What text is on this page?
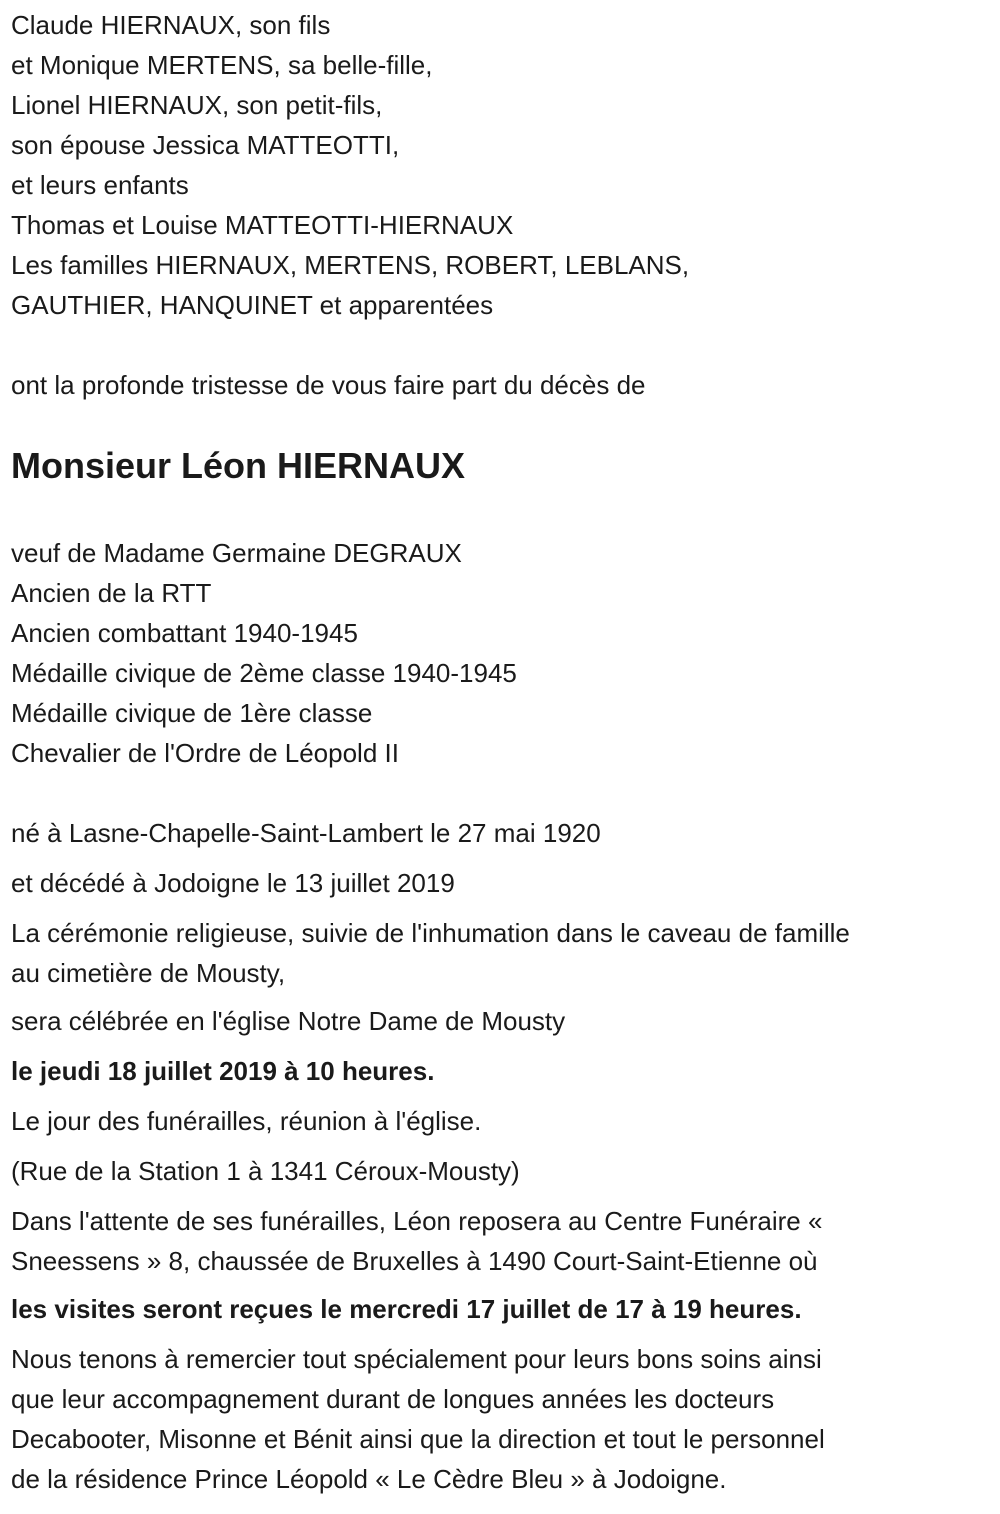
Claude HIERNAUX, son fils
et Monique MERTENS, sa belle-fille,
Lionel HIERNAUX, son petit-fils,
son épouse Jessica MATTEOTTI,
et leurs enfants
Thomas et Louise MATTEOTTI-HIERNAUX
Les familles HIERNAUX, MERTENS, ROBERT, LEBLANS,
GAUTHIER, HANQUINET et apparentées
ont la profonde tristesse de vous faire part du décès de
Monsieur Léon HIERNAUX
veuf de Madame Germaine DEGRAUX
Ancien de la RTT
Ancien combattant 1940-1945
Médaille civique de 2ème classe 1940-1945
Médaille civique de 1ère classe
Chevalier de l'Ordre de Léopold II
né à Lasne-Chapelle-Saint-Lambert le 27 mai 1920
et décédé à Jodoigne le 13 juillet 2019
La cérémonie religieuse, suivie de l'inhumation dans le caveau de famille
au cimetière de Mousty,
sera célébrée en l'église Notre Dame de Mousty
le jeudi 18 juillet 2019 à 10 heures.
Le jour des funérailles, réunion à l'église.
(Rue de la Station 1 à 1341 Céroux-Mousty)
Dans l'attente de ses funérailles, Léon reposera au Centre Funéraire «
Sneessens » 8, chaussée de Bruxelles à 1490 Court-Saint-Etienne où
les visites seront reçues le mercredi 17 juillet de 17 à 19 heures.
Nous tenons à remercier tout spécialement pour leurs bons soins ainsi
que leur accompagnement durant de longues années les docteurs
Decabooter, Misonne et Bénit ainsi que la direction et tout le personnel
de la résidence Prince Léopold « Le Cèdre Bleu » à Jodoigne.
